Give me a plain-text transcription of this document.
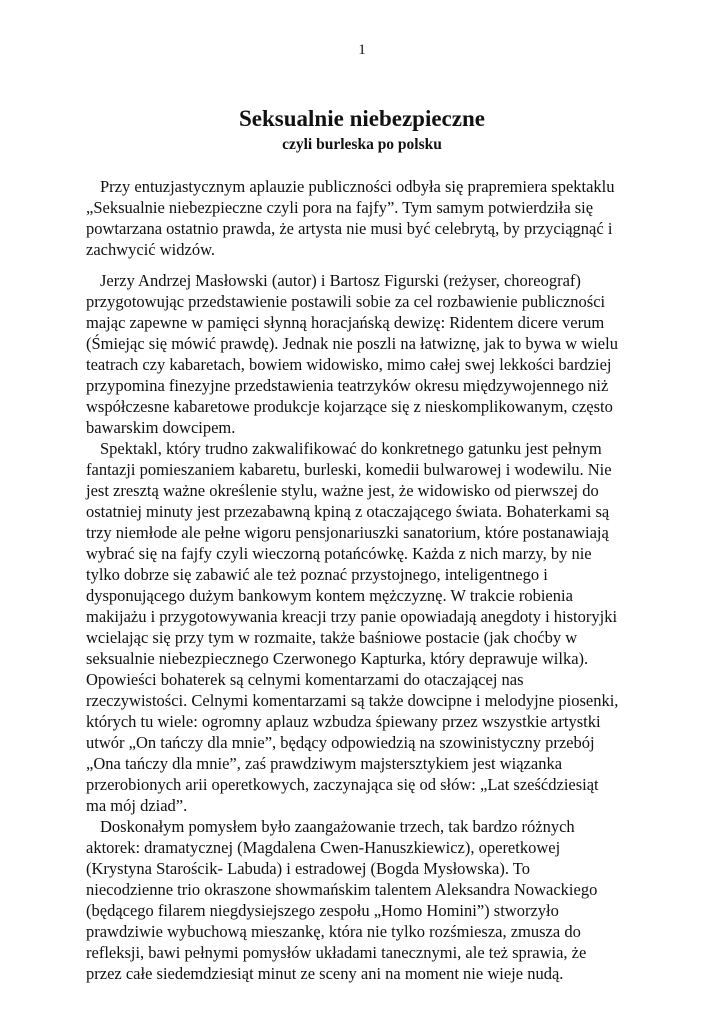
1
Seksualnie niebezpieczne
czyli burleska po polsku
Przy entuzjastycznym aplauzie publiczności odbyła się prapremiera spektaklu
„Seksualnie niebezpieczne czyli pora na fajfy”. Tym samym potwierdziła się
powtarzana ostatnio prawda, że artysta nie musi być celebrytą, by przyciągnąć i
zachwycić widzów.
Jerzy Andrzej Masłowski (autor) i Bartosz Figurski (reżyser, choreograf)
przygotowując przedstawienie postawili sobie za cel rozbawienie publiczności
mając zapewne w pamięci słynną horacjańską dewizę: Ridentem dicere verum
(Śmiejąc się mówić prawdę). Jednak nie poszli na łatwiznę, jak to bywa w wielu
teatrach czy kabaretach, bowiem widowisko, mimo całej swej lekkości bardziej
przypomina finezyjne przedstawienia teatrzyków okresu międzywojennego niż
współczesne kabaretowe produkcje kojarzące się z nieskomplikowanym, często
bawarskim dowcipem.
Spektakl, który trudno zakwalifikować do konkretnego gatunku jest pełnym
fantazji pomieszaniem kabaretu, burleski, komedii bulwarowej i wodewilu. Nie
jest zresztą ważne określenie stylu, ważne jest, że widowisko od pierwszej do
ostatniej minuty jest przezabawną kpiną z otaczającego świata. Bohaterkami są
trzy niemłode ale pełne wigoru pensjonariuszki sanatorium, które postanawiają
wybrać się na fajfy czyli wieczorną potańcówkę. Każda z nich marzy, by nie
tylko dobrze się zabawić ale też poznać przystojnego, inteligentnego i
dysponującego dużym bankowym kontem mężczyznę. W trakcie robienia
makijażu i przygotowywania kreacji trzy panie opowiadają anegdoty i historyjki
wcielając się przy tym w rozmaite, także baśniowe postacie (jak choćby w
seksualnie niebezpiecznego Czerwonego Kapturka, który deprawuje wilka).
Opowieści bohaterek są celnymi komentarzami do otaczającej nas
rzeczywistości. Celnymi komentarzami są także dowcipne i melodyjne piosenki,
których tu wiele: ogromny aplauz wzbudza śpiewany przez wszystkie artystki
utwór „On tańczy dla mnie”, będący odpowiedzią na szowinistyczny przebój
„Ona tańczy dla mnie”, zaś prawdziwym majstersztykiem jest wiązanka
przerobionych arii operetkowych, zaczynająca się od słów: „Lat sześćdziesiąt
ma mój dziad”.
Doskonałym pomysłem było zaangażowanie trzech, tak bardzo różnych
aktorek: dramatycznej (Magdalena Cwen-Hanuszkiewicz), operetkowej
(Krystyna Starościk- Labuda) i estradowej (Bogda Mysłowska). To
niecodzienne trio okraszone showmańskim talentem Aleksandra Nowackiego
(będącego filarem niegdysiejszego zespołu „Homo Homini”) stworzyło
prawdziwie wybuchową mieszankę, która nie tylko rozśmiesza, zmusza do
refleksji, bawi pełnymi pomysłów układami tanecznymi, ale też sprawia, że
przez całe siedemdziesiąt minut ze sceny ani na moment nie wieje nudą.
